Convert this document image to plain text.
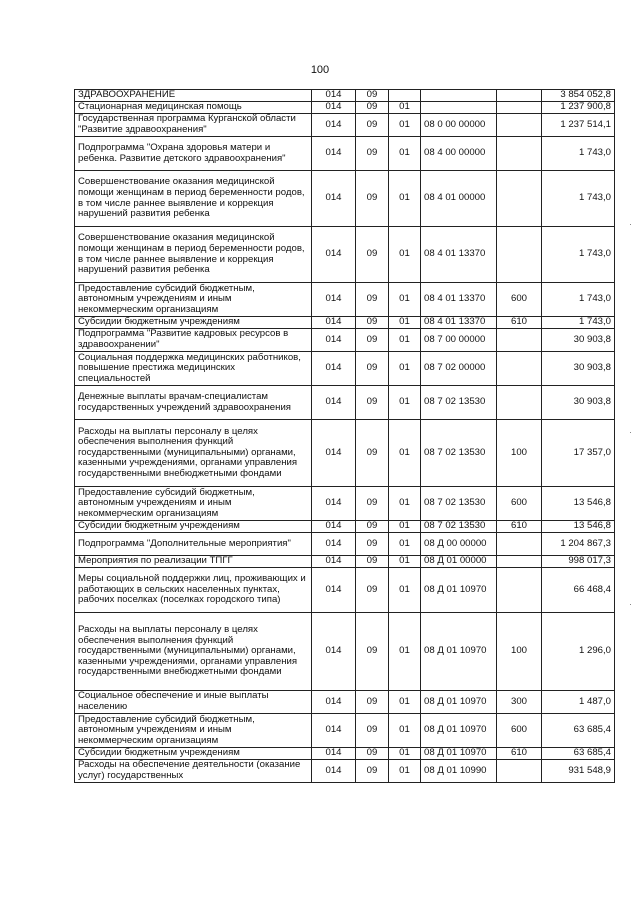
100
ЗДРАВООХРАНЕНИЕ	014	09				3 854 052,8
Стационарная медицинская помощь	014	09	01			1 237 900,8
Государственная программа Курганской области "Развитие здравоохранения"	014	09	01	08 0 00 00000		1 237 514,1
Подпрограмма "Охрана здоровья матери и ребенка. Развитие детского здравоохранения"	014	09	01	08 4 00 00000		1 743,0
Совершенствование оказания медицинской помощи женщинам в период беременности родов, в том числе раннее выявление и коррекция нарушений развития ребенка	014	09	01	08 4 01 00000		1 743,0
Совершенствование оказания медицинской помощи женщинам в период беременности родов, в том числе раннее выявление и коррекция нарушений развития ребенка	014	09	01	08 4 01 13370		1 743,0
Предоставление субсидий бюджетным, автономным учреждениям и иным некоммерческим организациям	014	09	01	08 4 01 13370	600	1 743,0
Субсидии бюджетным учреждениям	014	09	01	08 4 01 13370	610	1 743,0
Подпрограмма "Развитие кадровых ресурсов в здравоохранении"	014	09	01	08 7 00 00000		30 903,8
Социальная поддержка медицинских работников, повышение престижа медицинских специальностей	014	09	01	08 7 02 00000		30 903,8
Денежные выплаты врачам-специалистам государственных учреждений здравоохранения	014	09	01	08 7 02 13530		30 903,8
Расходы на выплаты персоналу в целях обеспечения выполнения функций государственными (муниципальными) органами, казенными учреждениями, органами управления государственными внебюджетными фондами	014	09	01	08 7 02 13530	100	17 357,0
Предоставление субсидий бюджетным, автономным учреждениям и иным некоммерческим организациям	014	09	01	08 7 02 13530	600	13 546,8
Субсидии бюджетным учреждениям	014	09	01	08 7 02 13530	610	13 546,8
Подпрограмма "Дополнительные мероприятия"	014	09	01	08 Д 00 00000		1 204 867,3
Мероприятия по реализации ТПГГ	014	09	01	08 Д 01 00000		998 017,3
Меры социальной поддержки лиц, проживающих и работающих в сельских населенных пунктах, рабочих поселках (поселках городского типа)	014	09	01	08 Д 01 10970		66 468,4
Расходы на выплаты персоналу в целях обеспечения выполнения функций государственными (муниципальными) органами, казенными учреждениями, органами управления государственными внебюджетными фондами	014	09	01	08 Д 01 10970	100	1 296,0
Социальное обеспечение и иные выплаты населению	014	09	01	08 Д 01 10970	300	1 487,0
Предоставление субсидий бюджетным, автономным учреждениям и иным некоммерческим организациям	014	09	01	08 Д 01 10970	600	63 685,4
Субсидии бюджетным учреждениям	014	09	01	08 Д 01 10970	610	63 685,4
Расходы на обеспечение деятельности (оказание услуг) государственных	014	09	01	08 Д 01 10990		931 548,9
